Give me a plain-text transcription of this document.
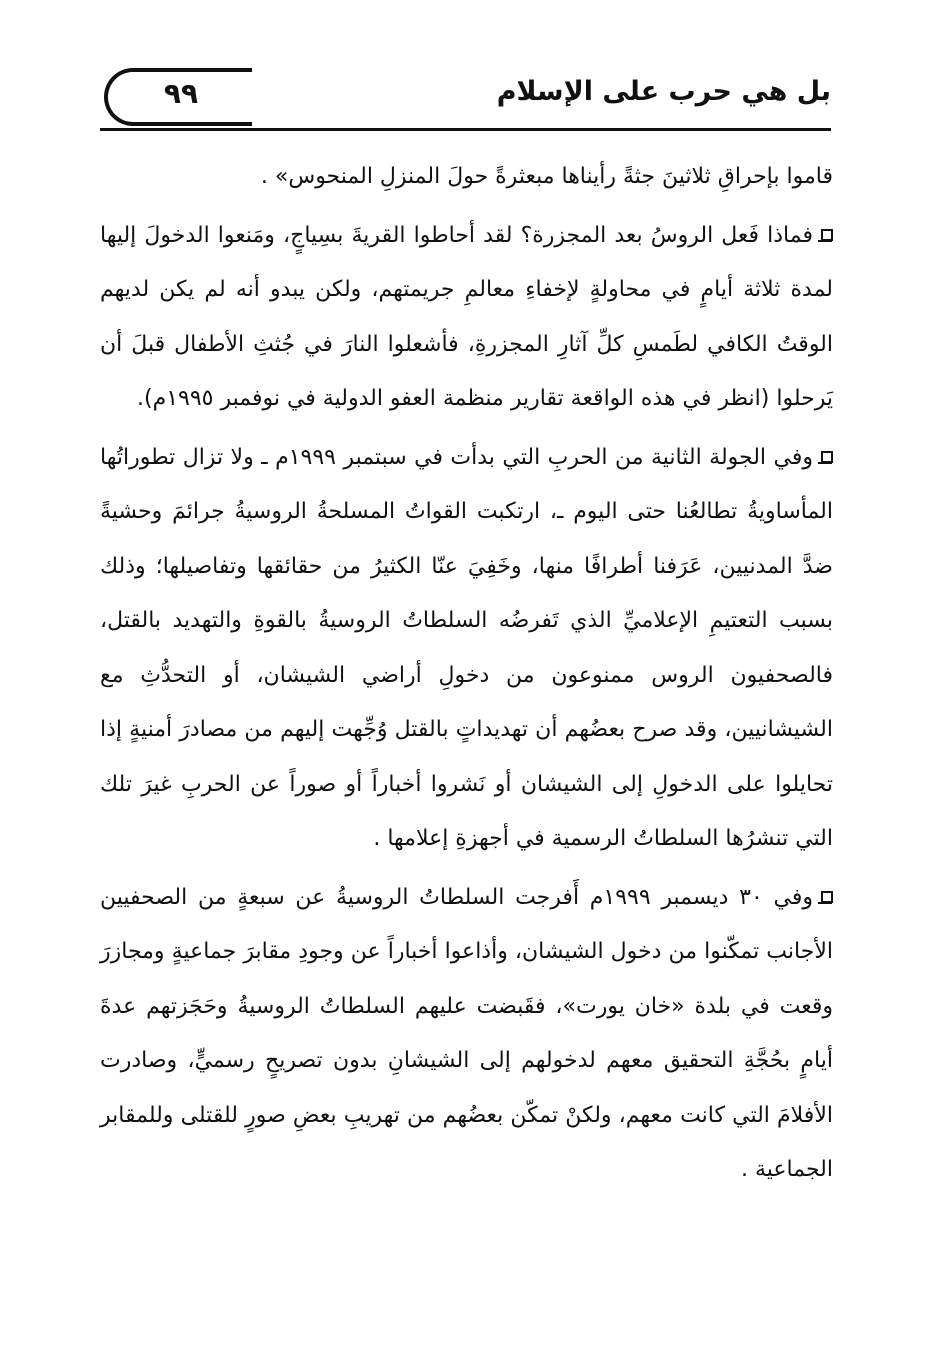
٩٩	بل هي حرب على الإسلام

قاموا بإحراقِ ثلاثينَ جثةً رأيناها مبعثرةً حولَ المنزلِ المنحوس» .

فماذا فَعل الروسُ بعد المجزرة؟ لقد أحاطوا القريةَ بسِياجٍ، ومَنعوا الدخولَ إليها لمدة ثلاثة أيامٍ في محاولةٍ لإخفاءِ معالمِ جريمتهم، ولكن يبدو أنه لم يكن لديهم الوقتُ الكافي لطَمسِ كلِّ آثارِ المجزرةِ، فأشعلوا النارَ في جُثثِ الأطفال قبلَ أن يَرحلوا (انظر في هذه الواقعة تقارير منظمة العفو الدولية في نوفمبر ١٩٩٥م).

وفي الجولة الثانية من الحربِ التي بدأت في سبتمبر ١٩٩٩م ـ ولا تزال تطوراتُها المأساويةُ تطالعُنا حتى اليوم ـ، ارتكبت القواتُ المسلحةُ الروسيةُ جرائمَ وحشيةً ضدَّ المدنيين، عَرَفنا أطرافًا منها، وخَفِيَ عنّا الكثيرُ من حقائقها وتفاصيلها؛ وذلك بسبب التعتيمِ الإعلاميِّ الذي تَفرضُه السلطاتُ الروسيةُ بالقوةِ والتهديد بالقتل، فالصحفيون الروس ممنوعون من دخولِ أراضي الشيشان، أو التحدُّثِ مع الشيشانيين، وقد صرح بعضُهم أن تهديداتٍ بالقتل وُجِّهت إليهم من مصادرَ أمنيةٍ إذا تحايلوا على الدخولِ إلى الشيشان أو نَشروا أخباراً أو صوراً عن الحربِ غيرَ تلك التي تنشرُها السلطاتُ الرسمية في أجهزةِ إعلامها .

وفي ٣٠ ديسمبر ١٩٩٩م أَفرجت السلطاتُ الروسيةُ عن سبعةٍ من الصحفيين الأجانب تمكّنوا من دخول الشيشان، وأذاعوا أخباراً عن وجودِ مقابرَ جماعيةٍ ومجازرَ وقعت في بلدة «خان يورت»، فقَبضت عليهم السلطاتُ الروسيةُ وحَجَزتهم عدةَ أيامٍ بحُجَّةِ التحقيق معهم لدخولهم إلى الشيشانِ بدون تصريحٍ رسميٍّ، وصادرت الأفلامَ التي كانت معهم، ولكنْ تمكّن بعضُهم من تهريبِ بعضِ صورٍ للقتلى وللمقابر الجماعية .
